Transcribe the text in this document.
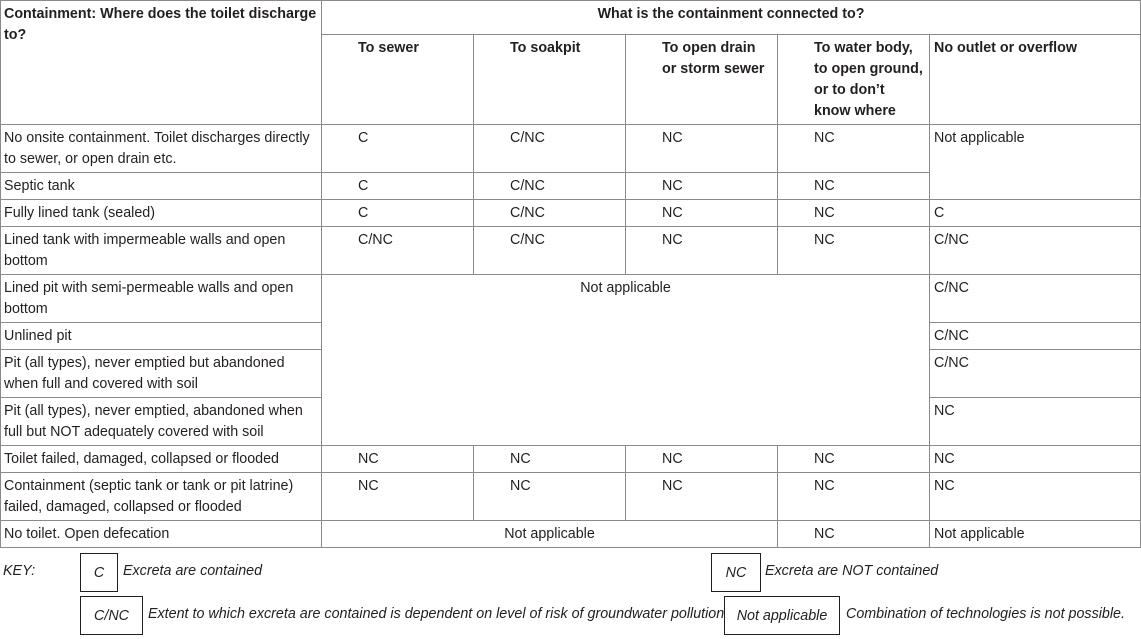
Containment: Where does the toilet discharge to?	What is the containment connected to?				
	To sewer	To soakpit	To open drain or storm sewer	To water body, to open ground, or to don’t know where	No outlet or overflow
No onsite containment. Toilet discharges directly to sewer, or open drain etc.	C	C/NC	NC	NC	Not applicable
Septic tank	C	C/NC	NC	NC	
Fully lined tank (sealed)	C	C/NC	NC	NC	C
Lined tank with impermeable walls and open bottom	C/NC	C/NC	NC	NC	C/NC
Lined pit with semi-permeable walls and open bottom	Not applicable				C/NC
Unlined pit					C/NC
Pit (all types), never emptied but abandoned when full and covered with soil					C/NC
Pit (all types), never emptied, abandoned when full but NOT adequately covered with soil					NC
Toilet failed, damaged, collapsed or flooded	NC	NC	NC	NC	NC
Containment (septic tank or tank or pit latrine) failed, damaged, collapsed or flooded	NC	NC	NC	NC	NC
No toilet. Open defecation	Not applicable			NC	Not applicable
KEY:	C	Excreta are contained	NC	Excreta are NOT contained
C/NC	Extent to which excreta are contained is dependent on level of risk of groundwater pollution Not applicable	Combination of technologies is not possible.
